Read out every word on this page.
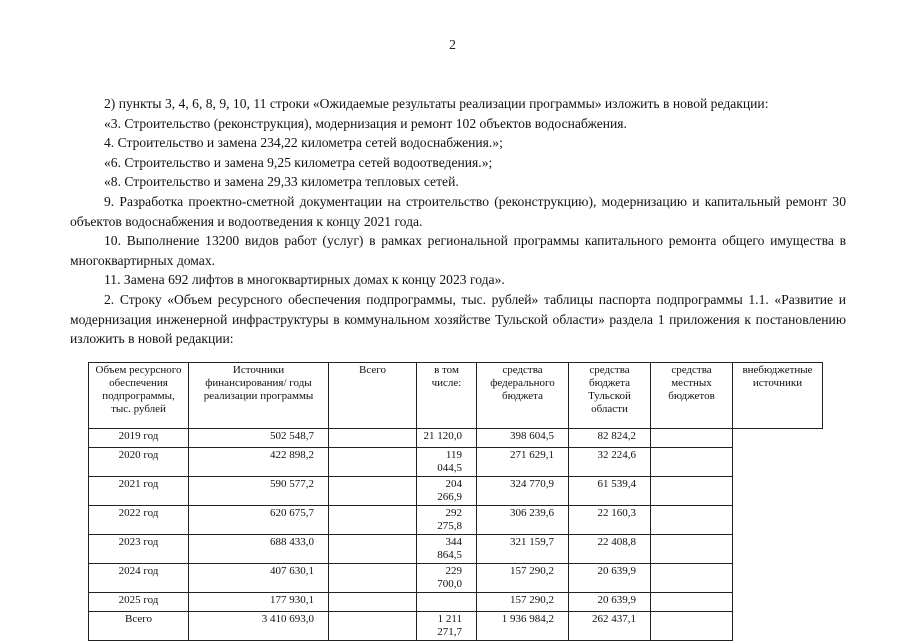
2

2) пункты 3, 4, 6, 8, 9, 10, 11 строки «Ожидаемые результаты реализации программы» изложить в новой редакции:

«3. Строительство (реконструкция), модернизация и ремонт 102 объектов водоснабжения.

4. Строительство и замена 234,22 километра сетей водоснабжения.»;

«6. Строительство и замена 9,25 километра сетей водоотведения.»;

«8. Строительство и замена 29,33 километра тепловых сетей.

9. Разработка проектно-сметной документации на строительство (реконструкцию), модернизацию и капитальный ремонт 30 объектов водоснабжения и водоотведения к концу 2021 года.

10. Выполнение 13200 видов работ (услуг) в рамках региональной программы капитального ремонта общего имущества в многоквартирных домах.

11. Замена 692 лифтов в многоквартирных домах к концу 2023 года».

2. Строку «Объем ресурсного обеспечения подпрограммы, тыс. рублей» таблицы паспорта подпрограммы 1.1. «Развитие и модернизация инженерной инфраструктуры в коммунальном хозяйстве Тульской области» раздела 1 приложения к постановлению изложить в новой редакции:

Объем ресурсного обеспечения подпрограммы, тыс. рублей	Источники финансирования/ годы реализации программы	Всего	в том числе:	средства федерального бюджета	средства бюджета Тульской области	средства местных бюджетов	внебюджетные источники
2019 год	502 548,7		21 120,0	398 604,5	82 824,2		
2020 год	422 898,2		119 044,5	271 629,1	32 224,6		
2021 год	590 577,2		204 266,9	324 770,9	61 539,4		
2022 год	620 675,7		292 275,8	306 239,6	22 160,3		
2023 год	688 433,0		344 864,5	321 159,7	22 408,8		
2024 год	407 630,1		229 700,0	157 290,2	20 639,9		
2025 год	177 930,1			157 290,2	20 639,9		
Всего	3 410 693,0		1 211 271,7	1 936 984,2	262 437,1		
